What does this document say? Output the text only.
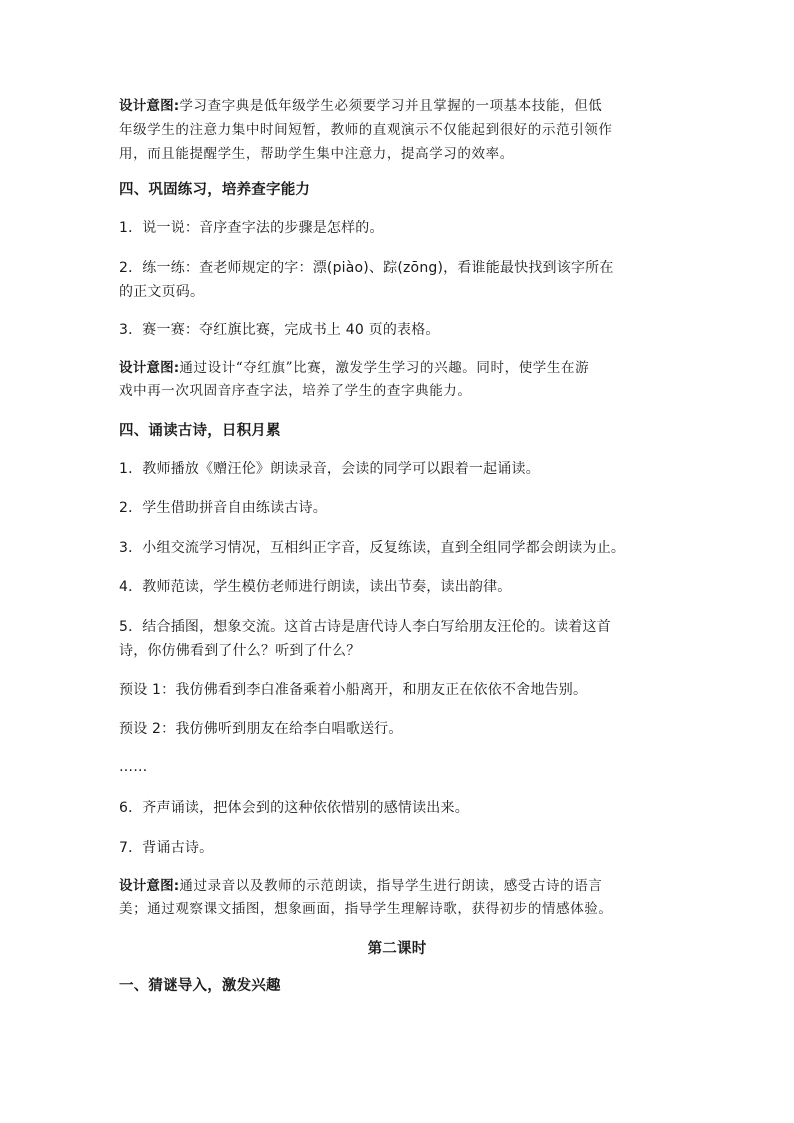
设计意图:学习查字典是低年级学生必须要学习并且掌握的一项基本技能，但低
年级学生的注意力集中时间短暂，教师的直观演示不仅能起到很好的示范引领作
用，而且能提醒学生，帮助学生集中注意力，提高学习的效率。
四、巩固练习，培养查字能力
1．说一说：音序查字法的步骤是怎样的。
2．练一练：查老师规定的字：漂(piào)、踪(zōng)，看谁能最快找到该字所在
的正文页码。
3．赛一赛：夺红旗比赛，完成书上 40 页的表格。
设计意图:通过设计“夺红旗”比赛，激发学生学习的兴趣。同时，使学生在游
戏中再一次巩固音序查字法，培养了学生的查字典能力。
四、诵读古诗，日积月累
1．教师播放《赠汪伦》朗读录音，会读的同学可以跟着一起诵读。
2．学生借助拼音自由练读古诗。
3．小组交流学习情况，互相纠正字音，反复练读，直到全组同学都会朗读为止。
4．教师范读，学生模仿老师进行朗读，读出节奏，读出韵律。
5．结合插图，想象交流。这首古诗是唐代诗人李白写给朋友汪伦的。读着这首
诗，你仿佛看到了什么？听到了什么？
预设 1：我仿佛看到李白准备乘着小船离开，和朋友正在依依不舍地告别。
预设 2：我仿佛听到朋友在给李白唱歌送行。
……
6．齐声诵读，把体会到的这种依依惜别的感情读出来。
7．背诵古诗。
设计意图:通过录音以及教师的示范朗读，指导学生进行朗读，感受古诗的语言
美；通过观察课文插图，想象画面，指导学生理解诗歌，获得初步的情感体验。
第二课时
一、猜谜导入，激发兴趣
